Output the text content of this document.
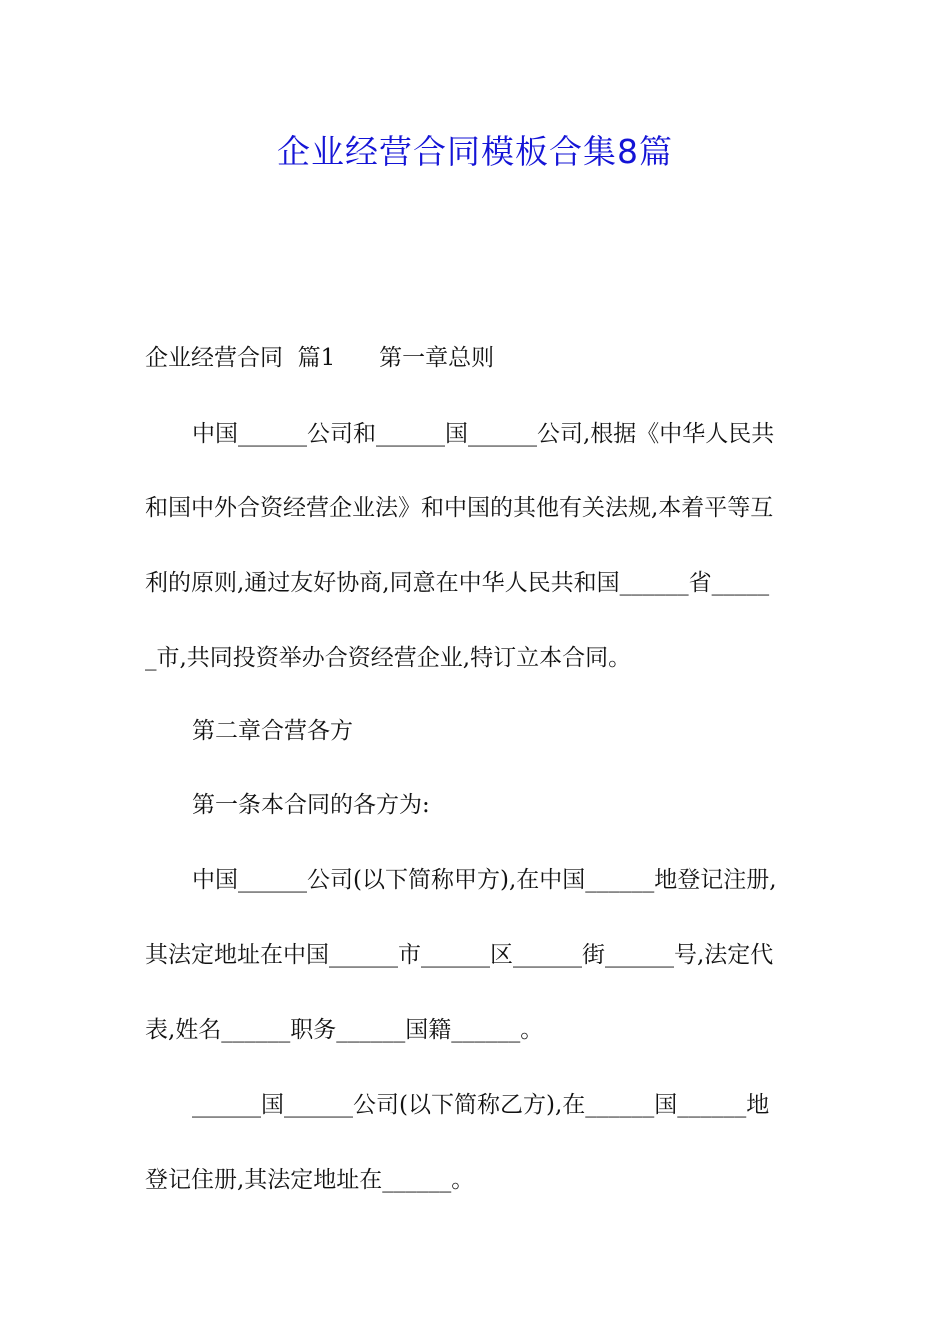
企业经营合同模板合集8篇
企业经营合同  篇1      第一章总则
中国______公司和______国______公司,根据《中华人民共
和国中外合资经营企业法》和中国的其他有关法规,本着平等互
利的原则,通过友好协商,同意在中华人民共和国______省_____
_市,共同投资举办合资经营企业,特订立本合同。
第二章合营各方
第一条本合同的各方为:
中国______公司(以下简称甲方),在中国______地登记注册,
其法定地址在中国______市______区______街______号,法定代
表,姓名______职务______国籍______。
______国______公司(以下简称乙方),在______国______地
登记住册,其法定地址在______。
